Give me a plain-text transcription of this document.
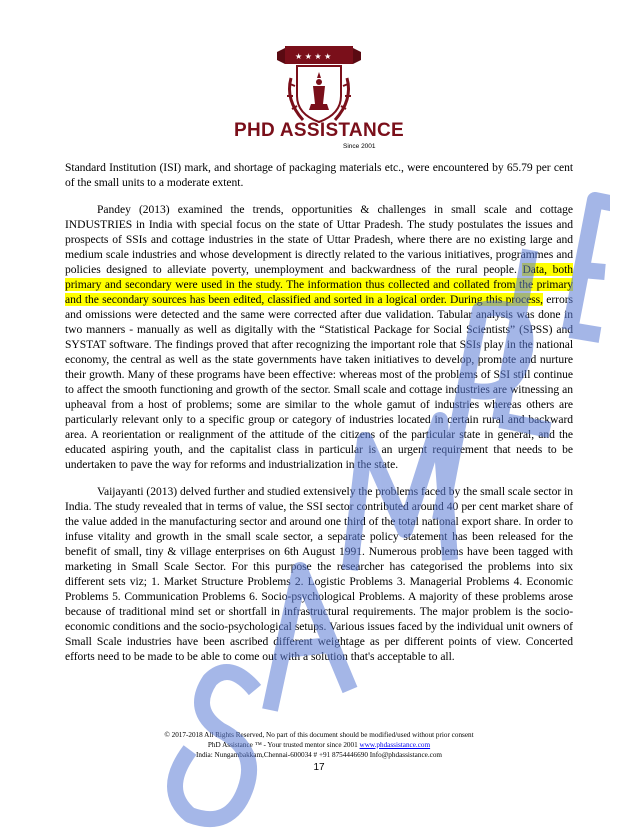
★ ★ ★ ★
PHD ASSISTANCE
Since 2001

Standard Institution (ISI) mark, and shortage of packaging materials etc., were encountered by 65.79 per cent of the small units to a moderate extent.

Pandey (2013) examined the trends, opportunities & challenges in small scale and cottage INDUSTRIES in India with special focus on the state of Uttar Pradesh. The study postulates the issues and prospects of SSIs and cottage industries in the state of Uttar Pradesh, where there are no existing large and medium scale industries and whose development is directly related to the various initiatives, programmes and policies designed to alleviate poverty, unemployment and backwardness of the rural people. Data, both primary and secondary were used in the study. The information thus collected and collated from the primary and the secondary sources has been edited, classified and sorted in a logical order. During this process, errors and omissions were detected and the same were corrected after due validation. Tabular analysis was done in two manners - manually as well as digitally with the “Statistical Package for Social Scientists” (SPSS) and SYSTAT software. The findings proved that after recognizing the important role that SSIs play in the national economy, the central as well as the state governments have taken initiatives to develop, promote and nurture their growth. Many of these programs have been effective: whereas most of the problems of SSI still continue to affect the smooth functioning and growth of the sector. Small scale and cottage industries are witnessing an upheaval from a host of problems; some are similar to the whole gamut of industries whereas others are particularly relevant only to a specific group or category of industries located in certain rural and backward area. A reorientation or realignment of the attitude of the citizens of the particular state in general, and the educated aspiring youth, and the capitalist class in particular is an urgent requirement that needs to be undertaken to pave the way for reforms and industrialization in the state.

Vaijayanti (2013) delved further and studied extensively the problems faced by the small scale sector in India. The study revealed that in terms of value, the SSI sector contributed around 40 per cent market share of the value added in the manufacturing sector and around one third of the total national export share. In order to infuse vitality and growth in the small scale sector, a separate policy statement has been released for the benefit of small, tiny & village enterprises on 6th August 1991. Numerous problems have been tagged with marketing in Small Scale Sector. For this purpose the researcher has categorised the problems into six different sets viz; 1. Market Structure Problems 2. Logistic Problems 3. Managerial Problems 4. Economic Problems 5. Communication Problems 6. Socio-psychological Problems. A majority of these problems arose because of traditional mind set or shortfall in infrastructural requirements. The major problem is the socio-economic conditions and the socio-psychological setups. Various issues faced by the individual unit owners of Small Scale industries have been ascribed different weightage as per different points of view. Concerted efforts need to be made to be able to come out with a solution that's acceptable to all.

© 2017-2018 All Rights Reserved, No part of this document should be modified/used without prior consent
PhD Assistance ™ - Your trusted mentor since 2001 www.phdassistance.com
India: Nungambakkam,Chennai-600034 # +91 8754446690 Info@phdassistance.com
17
